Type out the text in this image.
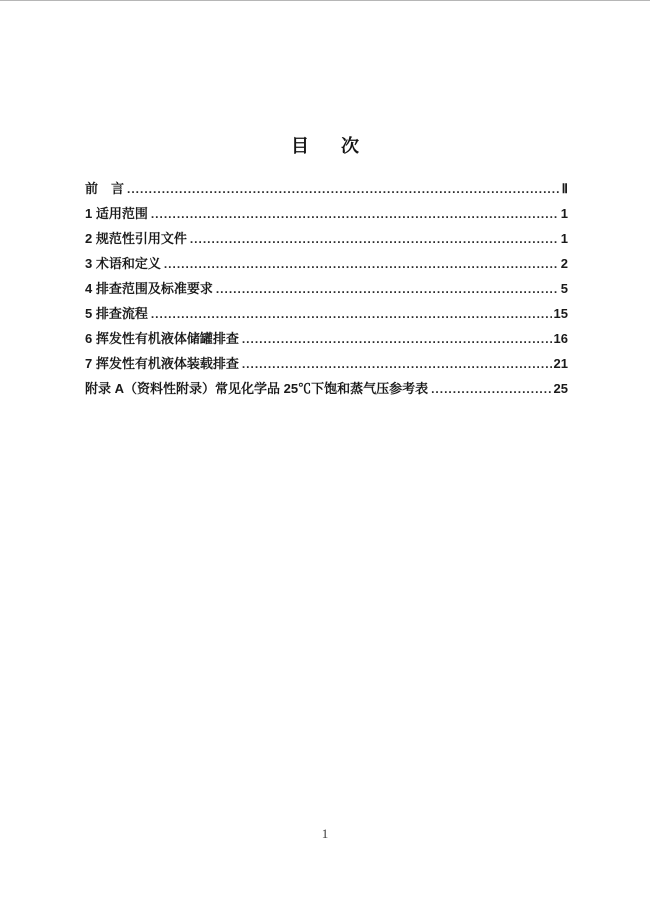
目　次
前　言 .....	Ⅱ
1 适用范围 .....	1
2 规范性引用文件 .....	1
3 术语和定义 .....	2
4 排查范围及标准要求 .....	5
5 排查流程 .....	15
6 挥发性有机液体储罐排查 .....	16
7 挥发性有机液体装载排查 .....	21
附录 A（资料性附录）常见化学品 25℃下饱和蒸气压参考表 .....	25
1
